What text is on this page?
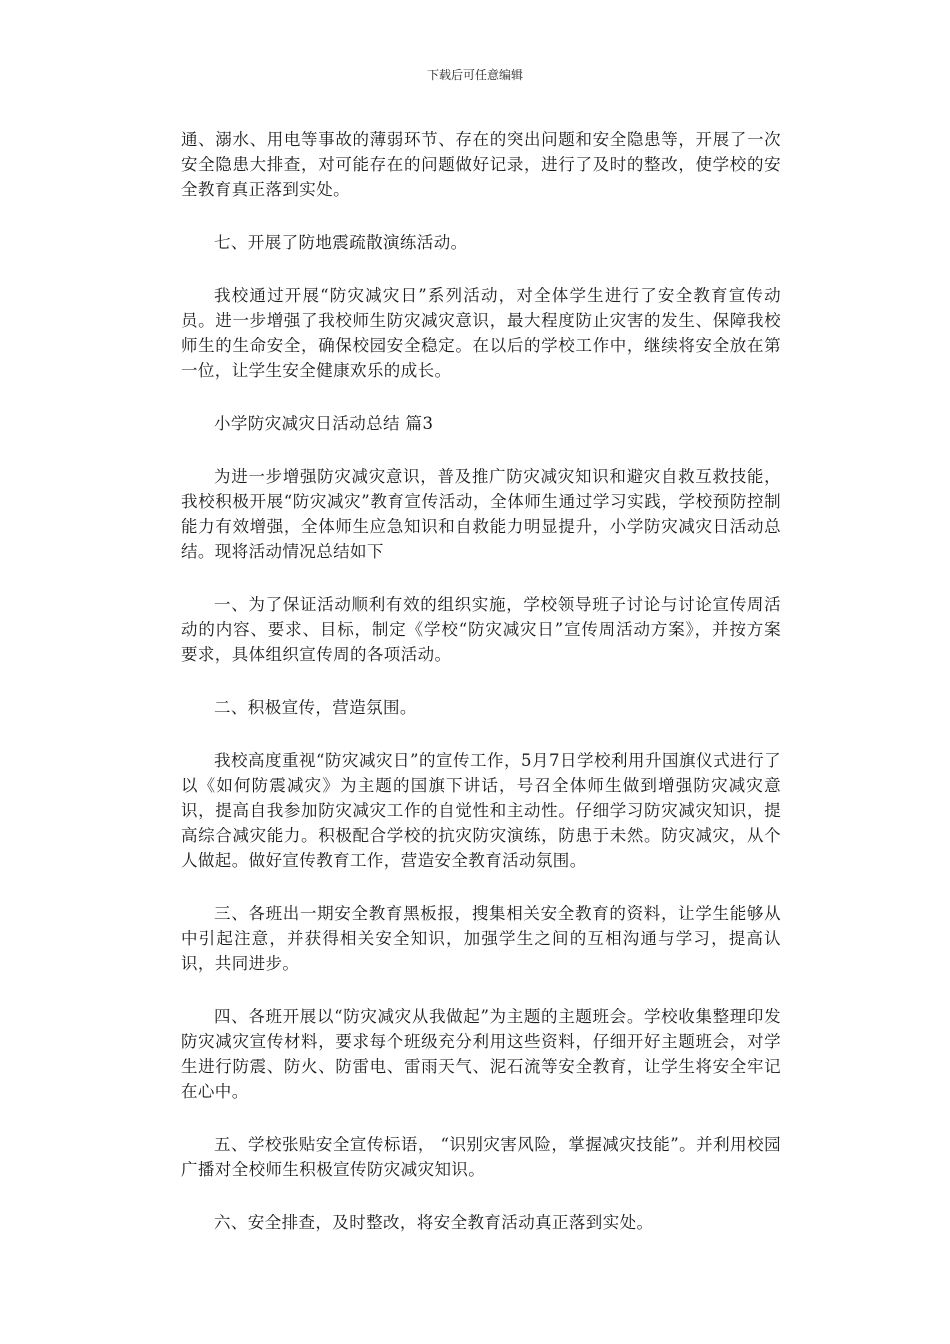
下载后可任意编辑

通、溺水、用电等事故的薄弱环节、存在的突出问题和安全隐患等，开展了一次安全隐患大排查，对可能存在的问题做好记录，进行了及时的整改，使学校的安全教育真正落到实处。

七、开展了防地震疏散演练活动。

我校通过开展“防灾减灾日”系列活动，对全体学生进行了安全教育宣传动员。进一步增强了我校师生防灾减灾意识，最大程度防止灾害的发生、保障我校师生的生命安全，确保校园安全稳定。在以后的学校工作中，继续将安全放在第一位，让学生安全健康欢乐的成长。

小学防灾减灾日活动总结 篇3

为进一步增强防灾减灾意识，普及推广防灾减灾知识和避灾自救互救技能，我校积极开展“防灾减灾”教育宣传活动，全体师生通过学习实践，学校预防控制能力有效增强，全体师生应急知识和自救能力明显提升，小学防灾减灾日活动总结。现将活动情况总结如下

一、为了保证活动顺利有效的组织实施，学校领导班子讨论与讨论宣传周活动的内容、要求、目标，制定《学校“防灾减灾日”宣传周活动方案》，并按方案要求，具体组织宣传周的各项活动。

二、积极宣传，营造氛围。

我校高度重视“防灾减灾日”的宣传工作，5月7日学校利用升国旗仪式进行了以《如何防震减灾》为主题的国旗下讲话，号召全体师生做到增强防灾减灾意识，提高自我参加防灾减灾工作的自觉性和主动性。仔细学习防灾减灾知识，提高综合减灾能力。积极配合学校的抗灾防灾演练，防患于未然。防灾减灾，从个人做起。做好宣传教育工作，营造安全教育活动氛围。

三、各班出一期安全教育黑板报，搜集相关安全教育的资料，让学生能够从中引起注意，并获得相关安全知识，加强学生之间的互相沟通与学习，提高认识，共同进步。

四、各班开展以“防灾减灾从我做起”为主题的主题班会。学校收集整理印发防灾减灾宣传材料，要求每个班级充分利用这些资料，仔细开好主题班会，对学生进行防震、防火、防雷电、雷雨天气、泥石流等安全教育，让学生将安全牢记在心中。

五、学校张贴安全宣传标语， “识别灾害风险，掌握减灾技能”。并利用校园广播对全校师生积极宣传防灾减灾知识。

六、安全排查，及时整改，将安全教育活动真正落到实处。
